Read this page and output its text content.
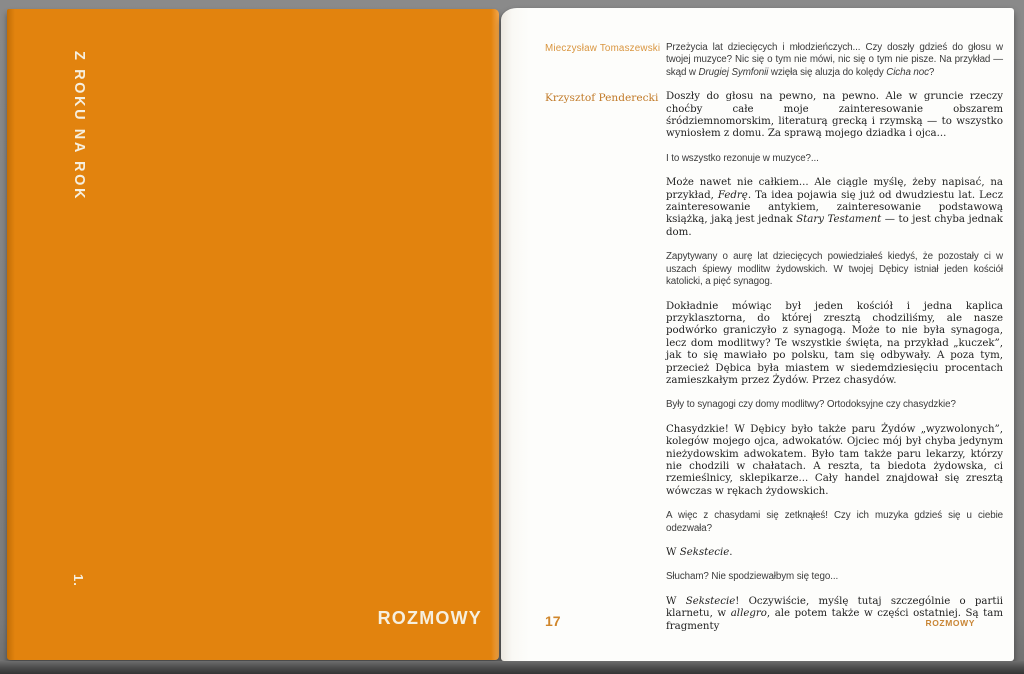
Z ROKU NA ROK
1.
ROZMOWY
Mieczysław Tomaszewski Przeżycia lat dziecięcych i młodzieńczych... Czy doszły gdzieś do głosu w twojej muzyce? Nic się o tym nie mówi, nic się o tym nie pisze. Na przykład — skąd w Drugiej Symfonii wzięła się aluzja do kolędy Cicha noc?
Krzysztof Penderecki Doszły do głosu na pewno, na pewno. Ale w gruncie rzeczy choćby całe moje zainteresowanie obszarem śródziemnomorskim, literaturą grecką i rzymską — to wszystko wyniosłem z domu. Za sprawą mojego dziadka i ojca...
I to wszystko rezonuje w muzyce?...
Może nawet nie całkiem... Ale ciągle myślę, żeby napisać, na przykład, Fedrę. Ta idea pojawia się już od dwudziestu lat. Lecz zainteresowanie antykiem, zainteresowanie podstawową książką, jaką jest jednak Stary Testament — to jest chyba jednak dom.
Zapytywany o aurę lat dziecięcych powiedziałeś kiedyś, że pozostały ci w uszach śpiewy modlitw żydowskich. W twojej Dębicy istniał jeden kościół katolicki, a pięć synagog.
Dokładnie mówiąc był jeden kościół i jedna kaplica przyklasztorna, do której zresztą chodziliśmy, ale nasze podwórko graniczyło z synagogą. Może to nie była synagoga, lecz dom modlitwy? Te wszystkie święta, na przykład „kuczek”, jak to się mawiało po polsku, tam się odbywały. A poza tym, przecież Dębica była miastem w siedemdziesięciu procentach zamieszkałym przez Żydów. Przez chasydów.
Były to synagogi czy domy modlitwy? Ortodoksyjne czy chasydzkie?
Chasydzkie! W Dębicy było także paru Żydów „wyzwolonych”, kolegów mojego ojca, adwokatów. Ojciec mój był chyba jedynym nieżydowskim adwokatem. Było tam także paru lekarzy, którzy nie chodzili w chałatach. A reszta, ta biedota żydowska, ci rzemieślnicy, sklepikarze... Cały handel znajdował się zresztą wówczas w rękach żydowskich.
A więc z chasydami się zetknąłeś! Czy ich muzyka gdzieś się u ciebie odezwała?
W Sekstecie.
Słucham? Nie spodziewałbym się tego...
W Sekstecie! Oczywiście, myślę tutaj szczególnie o partii klarnetu, w allegro, ale potem także w części ostatniej. Są tam fragmenty
17	ROZMOWY
